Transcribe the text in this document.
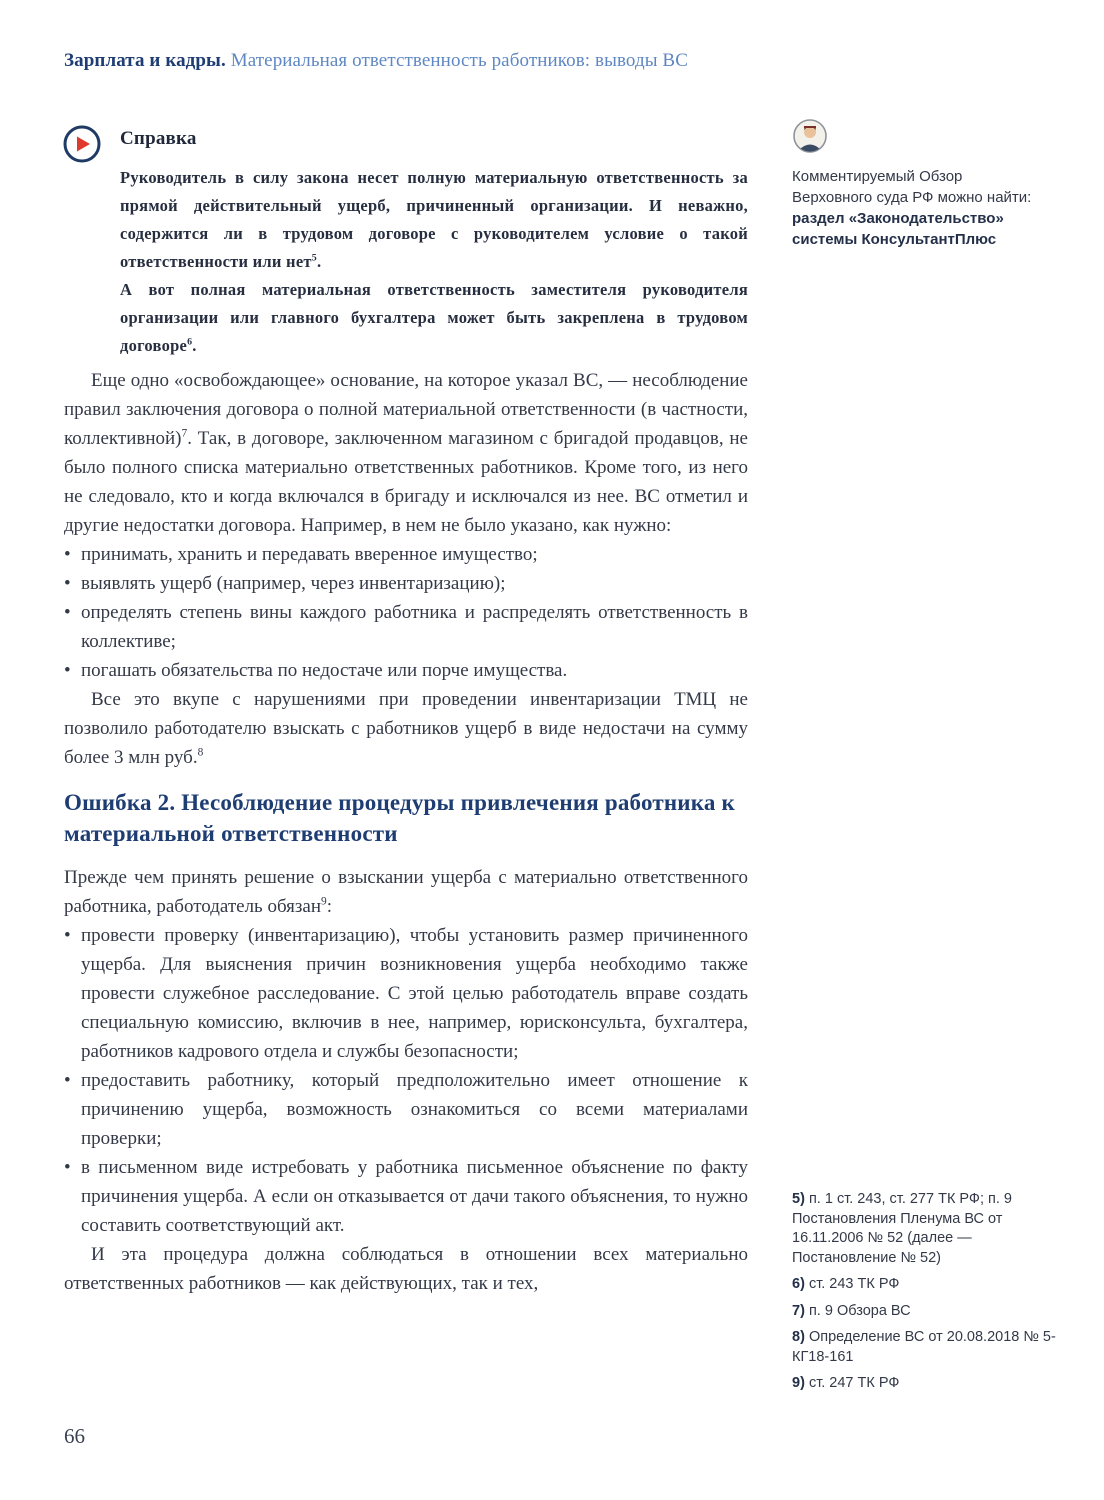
Зарплата и кадры. Материальная ответственность работников: выводы ВС
Справка

Руководитель в силу закона несет полную материальную ответственность за прямой действительный ущерб, причиненный организации. И неважно, содержится ли в трудовом договоре с руководителем условие о такой ответственности или нет$^5$.

А вот полная материальная ответственность заместителя руководителя организации или главного бухгалтера может быть закреплена в трудовом договоре$^6$.

Комментируемый Обзор Верховного суда РФ можно найти:

раздел «Законодательство» системы КонсультантПлюс

Еще одно «освобождающее» основание, на которое указал ВС, — несоблюдение правил заключения договора о полной материальной ответственности (в частности, коллективной)$^7$. Так, в договоре, заключенном магазином с бригадой продавцов, не было полного списка материально ответственных работников. Кроме того, из него не следовало, кто и когда включался в бригаду и исключался из нее. ВС отметил и другие недостатки договора. Например, в нем не было указано, как нужно:

• принимать, хранить и передавать вверенное имущество;
• выявлять ущерб (например, через инвентаризацию);
• определять степень вины каждого работника и распределять ответственность в коллективе;
• погашать обязательства по недостаче или порче имущества.

Все это вкупе с нарушениями при проведении инвентаризации ТМЦ не позволило работодателю взыскать с работников ущерб в виде недостачи на сумму более 3 млн руб.$^8$

Ошибка 2. Несоблюдение процедуры привлечения работника к материальной ответственности

Прежде чем принять решение о взыскании ущерба с материально ответственного работника, работодатель обязан$^9$:

• провести проверку (инвентаризацию), чтобы установить размер причиненного ущерба. Для выяснения причин возникновения ущерба необходимо также провести служебное расследование. С этой целью работодатель вправе создать специальную комиссию, включив в нее, например, юрисконсульта, бухгалтера, работников кадрового отдела и службы безопасности;
• предоставить работнику, который предположительно имеет отношение к причинению ущерба, возможность ознакомиться со всеми материалами проверки;
• в письменном виде истребовать у работника письменное объяснение по факту причинения ущерба. А если он отказывается от дачи такого объяснения, то нужно составить соответствующий акт.

И эта процедура должна соблюдаться в отношении всех материально ответственных работников — как действующих, так и тех,

5) п. 1 ст. 243, ст. 277 ТК РФ; п. 9 Постановления Пленума ВС от 16.11.2006 № 52 (далее — Постановление № 52)
6) ст. 243 ТК РФ
7) п. 9 Обзора ВС
8) Определение ВС от 20.08.2018 № 5-КГ18-161
9) ст. 247 ТК РФ
66
